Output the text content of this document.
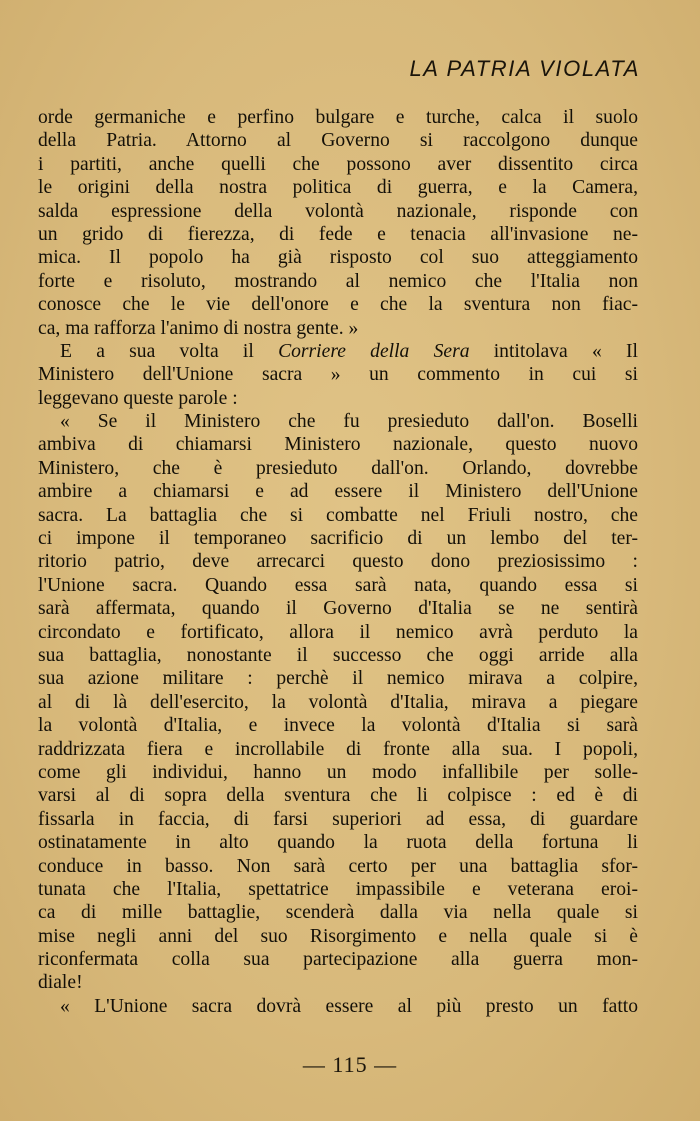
LA PATRIA VIOLATA
orde germaniche e perfino bulgare e turche, calca il suolo
della Patria. Attorno al Governo si raccolgono dunque
i partiti, anche quelli che possono aver dissentito circa
le origini della nostra politica di guerra, e la Camera,
salda espressione della volontà nazionale, risponde con
un grido di fierezza, di fede e tenacia all'invasione ne-
mica. Il popolo ha già risposto col suo atteggiamento
forte e risoluto, mostrando al nemico che l'Italia non
conosce che le vie dell'onore e che la sventura non fiac-
ca, ma rafforza l'animo di nostra gente. »
E a sua volta il Corriere della Sera intitolava « Il
Ministero dell'Unione sacra » un commento in cui si
leggevano queste parole :
« Se il Ministero che fu presieduto dall'on. Boselli
ambiva di chiamarsi Ministero nazionale, questo nuovo
Ministero, che è presieduto dall'on. Orlando, dovrebbe
ambire a chiamarsi e ad essere il Ministero dell'Unione
sacra. La battaglia che si combatte nel Friuli nostro, che
ci impone il temporaneo sacrificio di un lembo del ter-
ritorio patrio, deve arrecarci questo dono preziosissimo :
l'Unione sacra. Quando essa sarà nata, quando essa si
sarà affermata, quando il Governo d'Italia se ne sentirà
circondato e fortificato, allora il nemico avrà perduto la
sua battaglia, nonostante il successo che oggi arride alla
sua azione militare : perchè il nemico mirava a colpire,
al di là dell'esercito, la volontà d'Italia, mirava a piegare
la volontà d'Italia, e invece la volontà d'Italia si sarà
raddrizzata fiera e incrollabile di fronte alla sua. I popoli,
come gli individui, hanno un modo infallibile per solle-
varsi al di sopra della sventura che li colpisce : ed è di
fissarla in faccia, di farsi superiori ad essa, di guardare
ostinatamente in alto quando la ruota della fortuna li
conduce in basso. Non sarà certo per una battaglia sfor-
tunata che l'Italia, spettatrice impassibile e veterana eroi-
ca di mille battaglie, scenderà dalla via nella quale si
mise negli anni del suo Risorgimento e nella quale si è
riconfermata colla sua partecipazione alla guerra mon-
diale!
« L'Unione sacra dovrà essere al più presto un fatto
— 115 —
